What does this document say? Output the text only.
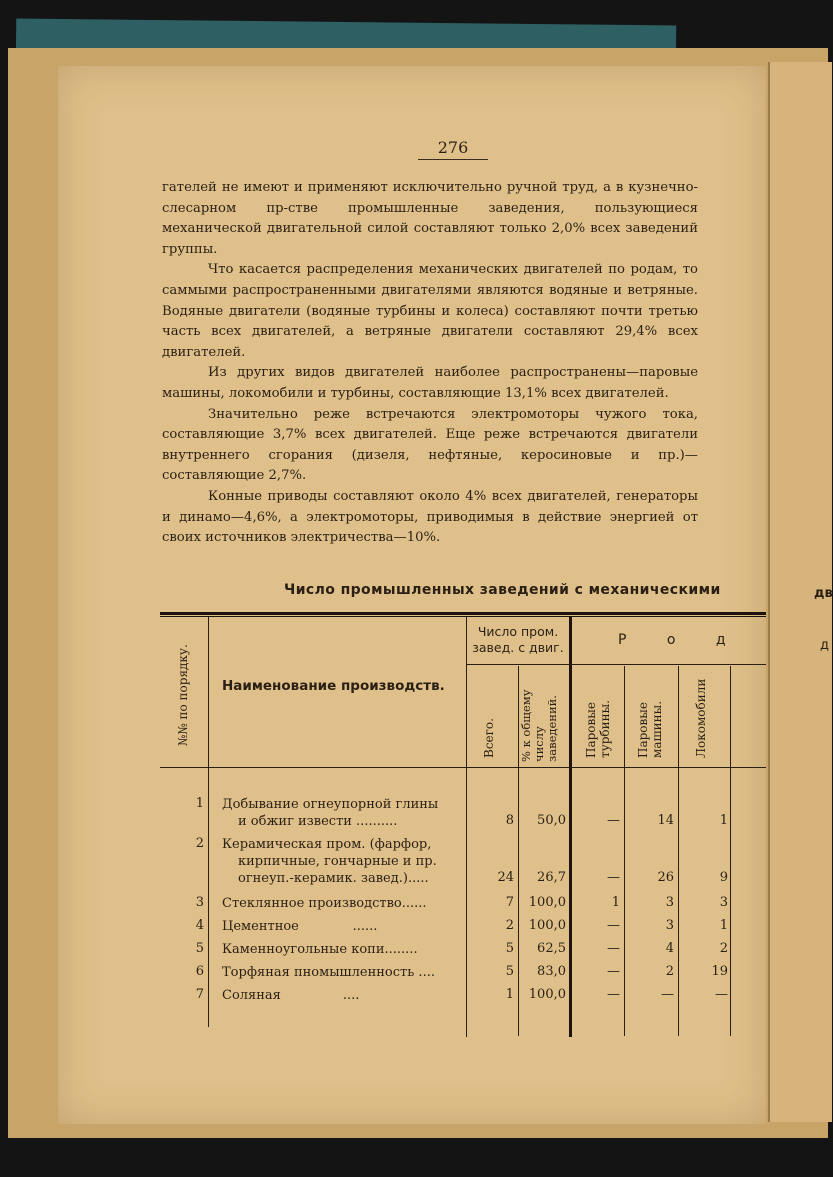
дв
д
276

гателей не имеют и применяют исключительно ручной труд, а в кузнечно-слесарном пр-стве промышленные заведения, пользующиеся механической двигательной силой составляют только 2,0% всех заведений группы.

Что касается распределения механических двигателей по родам, то саммыми распространенными двигателями являются водяные и ветряные. Водяные двигатели (водяные турбины и колеса) составляют почти третью часть всех двигателей, а ветряные двигатели составляют 29,4% всех двигателей.

Из других видов двигателей наиболее распространены—паровые машины, локомобили и турбины, составляющие 13,1% всех двигателей.

Значительно реже встречаются электромоторы чужого тока, составляющие 3,7% всех двигателей. Еще реже встречаются двигатели внутреннего сгорания (дизеля, нефтяные, керосиновые и пр.)—составляющие 2,7%.

Конные приводы составляют около 4% всех двигателей, генераторы и динамо—4,6%, а электромоторы, приводимыя в действие энергией от своих источников электричества—10%.

Число промышленных заведений с механическими
№№ по порядку. Наименование производств.
Число пром. завед. с двиг.
Всего. % к общему числу заведений.
Р о д
Паровые турбины. Паровые машины.	Локомобили
1 Добывание огнеупорной глины
и обжиг извести ..........	8	50,0	—	14	1
2 Керамическая пром. (фарфор,
кирпичные, гончарные и пр.
огнеуп.-керамик. завед.).....	24	26,7	—	26	9
3 Стеклянное производство......	7	100,0	1	3	3
4 Цементное             ......	2	100,0	—	3	1
5 Каменноугольные копи........	5	62,5	—	4	2
6 Торфяная пномышленность ....	5	83,0	—	2	19
7 Соляная               ....	1	100,0	—	—	—
